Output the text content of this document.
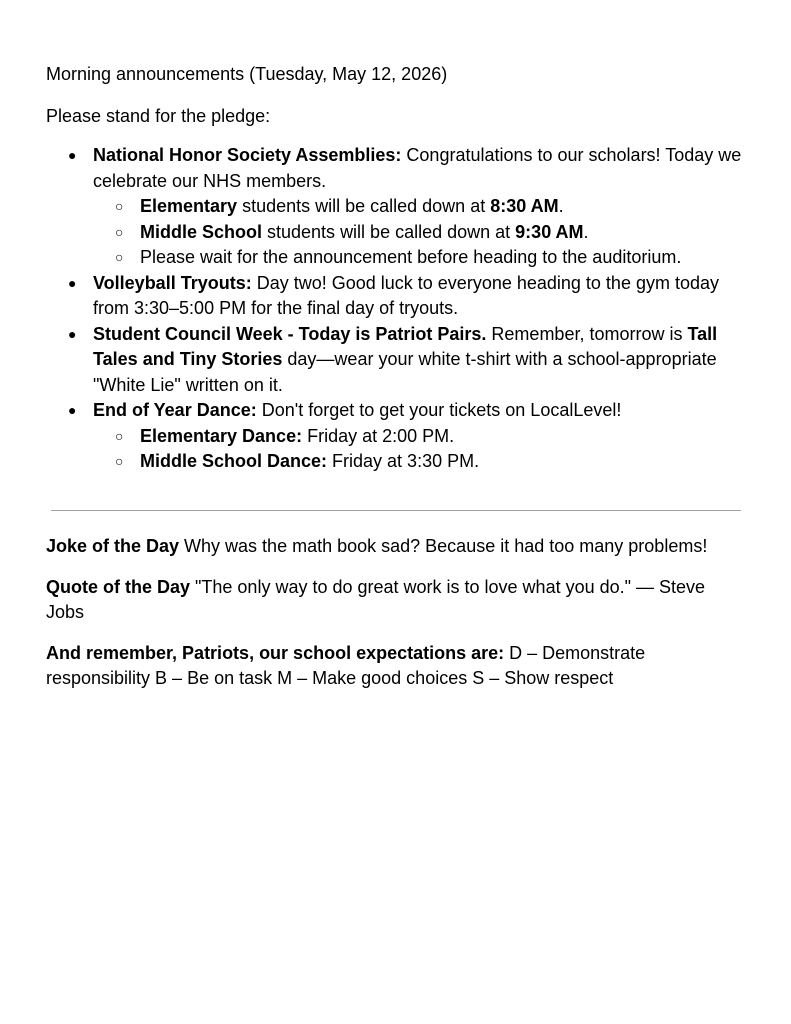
Morning announcements (Tuesday, May 12, 2026)

Please stand for the pledge:

● National Honor Society Assemblies: Congratulations to our scholars! Today we celebrate our NHS members.
○ Elementary students will be called down at 8:30 AM.
○ Middle School students will be called down at 9:30 AM.
○ Please wait for the announcement before heading to the auditorium.
● Volleyball Tryouts: Day two! Good luck to everyone heading to the gym today from 3:30–5:00 PM for the final day of tryouts.
● Student Council Week - Today is Patriot Pairs. Remember, tomorrow is Tall Tales and Tiny Stories day—wear your white t-shirt with a school-appropriate "White Lie" written on it.
● End of Year Dance: Don't forget to get your tickets on LocalLevel!
○ Elementary Dance: Friday at 2:00 PM.
○ Middle School Dance: Friday at 3:30 PM.

Joke of the Day Why was the math book sad? Because it had too many problems!

Quote of the Day "The only way to do great work is to love what you do." — Steve Jobs

And remember, Patriots, our school expectations are: D – Demonstrate responsibility B – Be on task M – Make good choices S – Show respect
